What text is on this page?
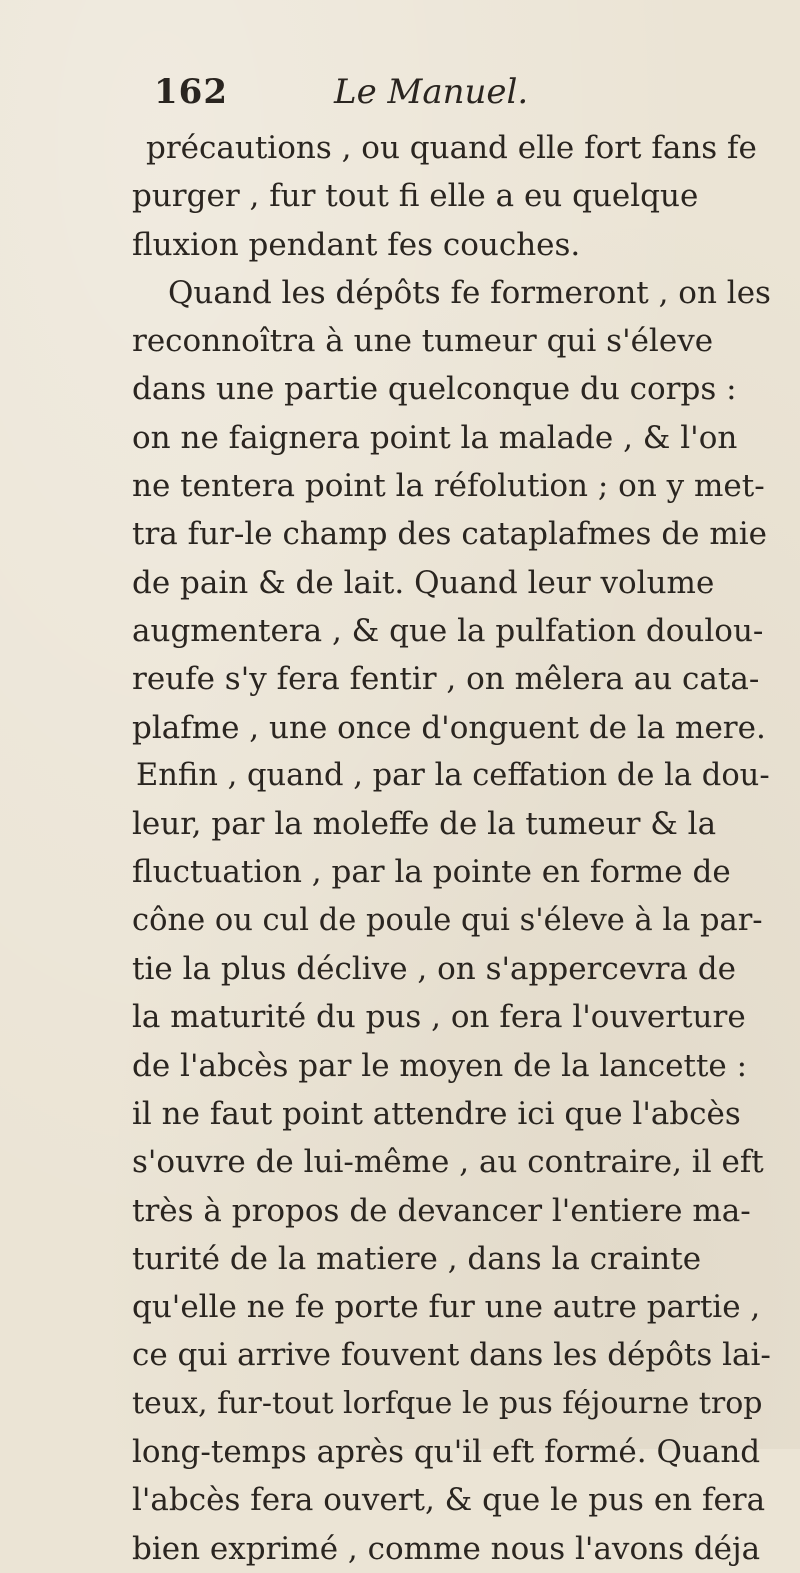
162	Le Manuel.
précautions , ou quand elle fort fans fe
purger , fur tout fi elle a eu quelque
fluxion pendant fes couches.
Quand les dépôts fe formeront , on les
reconnoîtra à une tumeur qui s'éleve
dans une partie quelconque du corps :
on ne faignera point la malade , & l'on
ne tentera point la réfolution ; on y met-
tra fur-le champ des cataplafmes de mie
de pain & de lait. Quand leur volume
augmentera , & que la pulfation doulou-
reufe s'y fera fentir , on mêlera au cata-
plafme , une once d'onguent de la mere.
Enfin , quand , par la ceffation de la dou-
leur, par la moleffe de la tumeur & la
fluctuation , par la pointe en forme de
cône ou cul de poule qui s'éleve à la par-
tie la plus déclive , on s'appercevra de
la maturité du pus , on fera l'ouverture
de l'abcès par le moyen de la lancette :
il ne faut point attendre ici que l'abcès
s'ouvre de lui-même , au contraire, il eft
très à propos de devancer l'entiere ma-
turité de la matiere , dans la crainte
qu'elle ne fe porte fur une autre partie ,
ce qui arrive fouvent dans les dépôts lai-
teux, fur-tout lorfque le pus féjourne trop
long-temps après qu'il eft formé. Quand
l'abcès fera ouvert, & que le pus en fera
bien exprimé , comme nous l'avons déja
